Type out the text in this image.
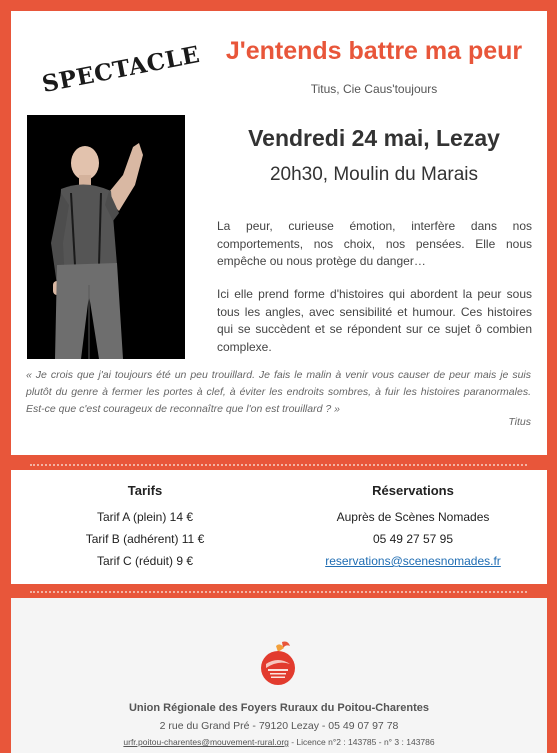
SPECTACLE J'entends battre ma peur
Titus, Cie Caus'toujours
Vendredi 24 mai, Lezay
20h30, Moulin du Marais

La peur, curieuse émotion, interfère dans nos comportements, nos choix, nos pensées. Elle nous empêche ou nous protège du danger…

Ici elle prend forme d'histoires qui abordent la peur sous tous les angles, avec sensibilité et humour. Ces histoires qui se succèdent et se répondent sur ce sujet ô combien complexe.

« Je crois que j'ai toujours été un peu trouillard. Je fais le malin à venir vous causer de peur mais je suis plutôt du genre à fermer les portes à clef, à éviter les endroits sombres, à fuir les histoires paranormales. Est-ce que c'est courageux de reconnaître que l'on est trouillard ? »

Titus
Tarifs
Tarif A (plein) 14 €
Tarif B (adhérent) 11 €
Tarif C (réduit) 9 €
Réservations
Auprès de Scènes Nomades
05 49 27 57 95
reservations@scenesnomades.fr
Union Régionale des Foyers Ruraux du Poitou-Charentes
2 rue du Grand Pré - 79120 Lezay - 05 49 07 97 78
urfr.poitou-charentes@mouvement-rural.org - Licence n°2 : 143785 - n° 3 : 143786
